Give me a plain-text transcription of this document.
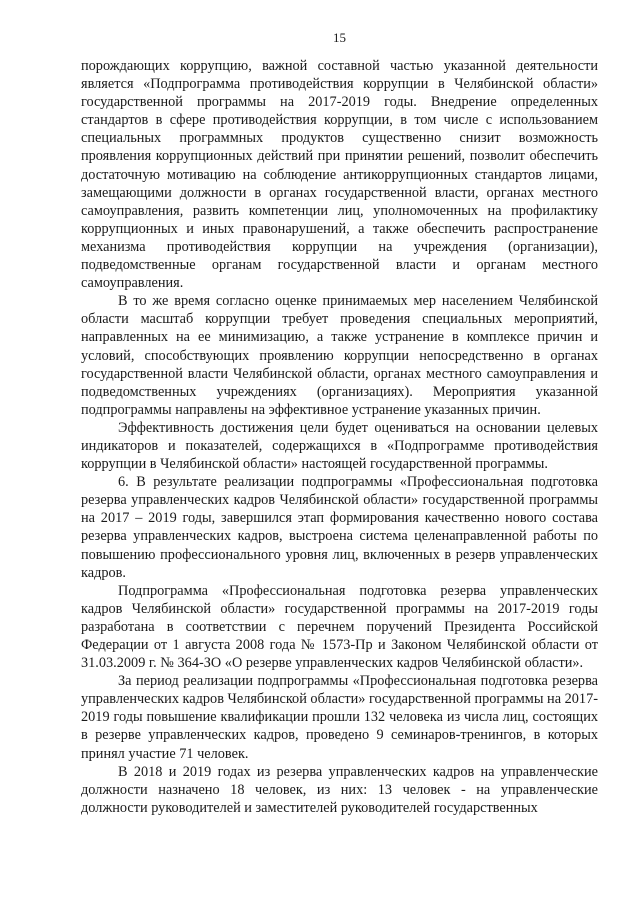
15

порождающих коррупцию, важной составной частью указанной деятельности является «Подпрограмма противодействия коррупции в Челябинской области» государственной программы на 2017-2019 годы. Внедрение определенных стандартов в сфере противодействия коррупции, в том числе с использованием специальных программных продуктов существенно снизит возможность проявления коррупционных действий при принятии решений, позволит обеспечить достаточную мотивацию на соблюдение антикоррупционных стандартов лицами, замещающими должности в органах государственной власти, органах местного самоуправления, развить компетенции лиц, уполномоченных на профилактику коррупционных и иных правонарушений, а также обеспечить распространение механизма противодействия коррупции на учреждения (организации), подведомственные органам государственной власти и органам местного самоуправления.

В то же время согласно оценке принимаемых мер населением Челябинской области масштаб коррупции требует проведения специальных мероприятий, направленных на ее минимизацию, а также устранение в комплексе причин и условий, способствующих проявлению коррупции непосредственно в органах государственной власти Челябинской области, органах местного самоуправления и подведомственных учреждениях (организациях). Мероприятия указанной подпрограммы направлены на эффективное устранение указанных причин.

Эффективность достижения цели будет оцениваться на основании целевых индикаторов и показателей, содержащихся в «Подпрограмме противодействия коррупции в Челябинской области» настоящей государственной программы.

6. В результате реализации подпрограммы «Профессиональная подготовка резерва управленческих кадров Челябинской области» государственной программы на 2017 – 2019 годы, завершился этап формирования качественно нового состава резерва управленческих кадров, выстроена система целенаправленной работы по повышению профессионального уровня лиц, включенных в резерв управленческих кадров.

Подпрограмма «Профессиональная подготовка резерва управленческих кадров Челябинской области» государственной программы на 2017-2019 годы разработана в соответствии с перечнем поручений Президента Российской Федерации от 1 августа 2008 года № 1573-Пр и Законом Челябинской области от 31.03.2009 г. № 364-ЗО «О резерве управленческих кадров Челябинской области».

За период реализации подпрограммы «Профессиональная подготовка резерва управленческих кадров Челябинской области» государственной программы на 2017-2019 годы повышение квалификации прошли 132 человека из числа лиц, состоящих в резерве управленческих кадров, проведено 9 семинаров-тренингов, в которых принял участие 71 человек.

В 2018 и 2019 годах из резерва управленческих кадров на управленческие должности назначено 18 человек, из них: 13 человек - на управленческие должности руководителей и заместителей руководителей государственных
